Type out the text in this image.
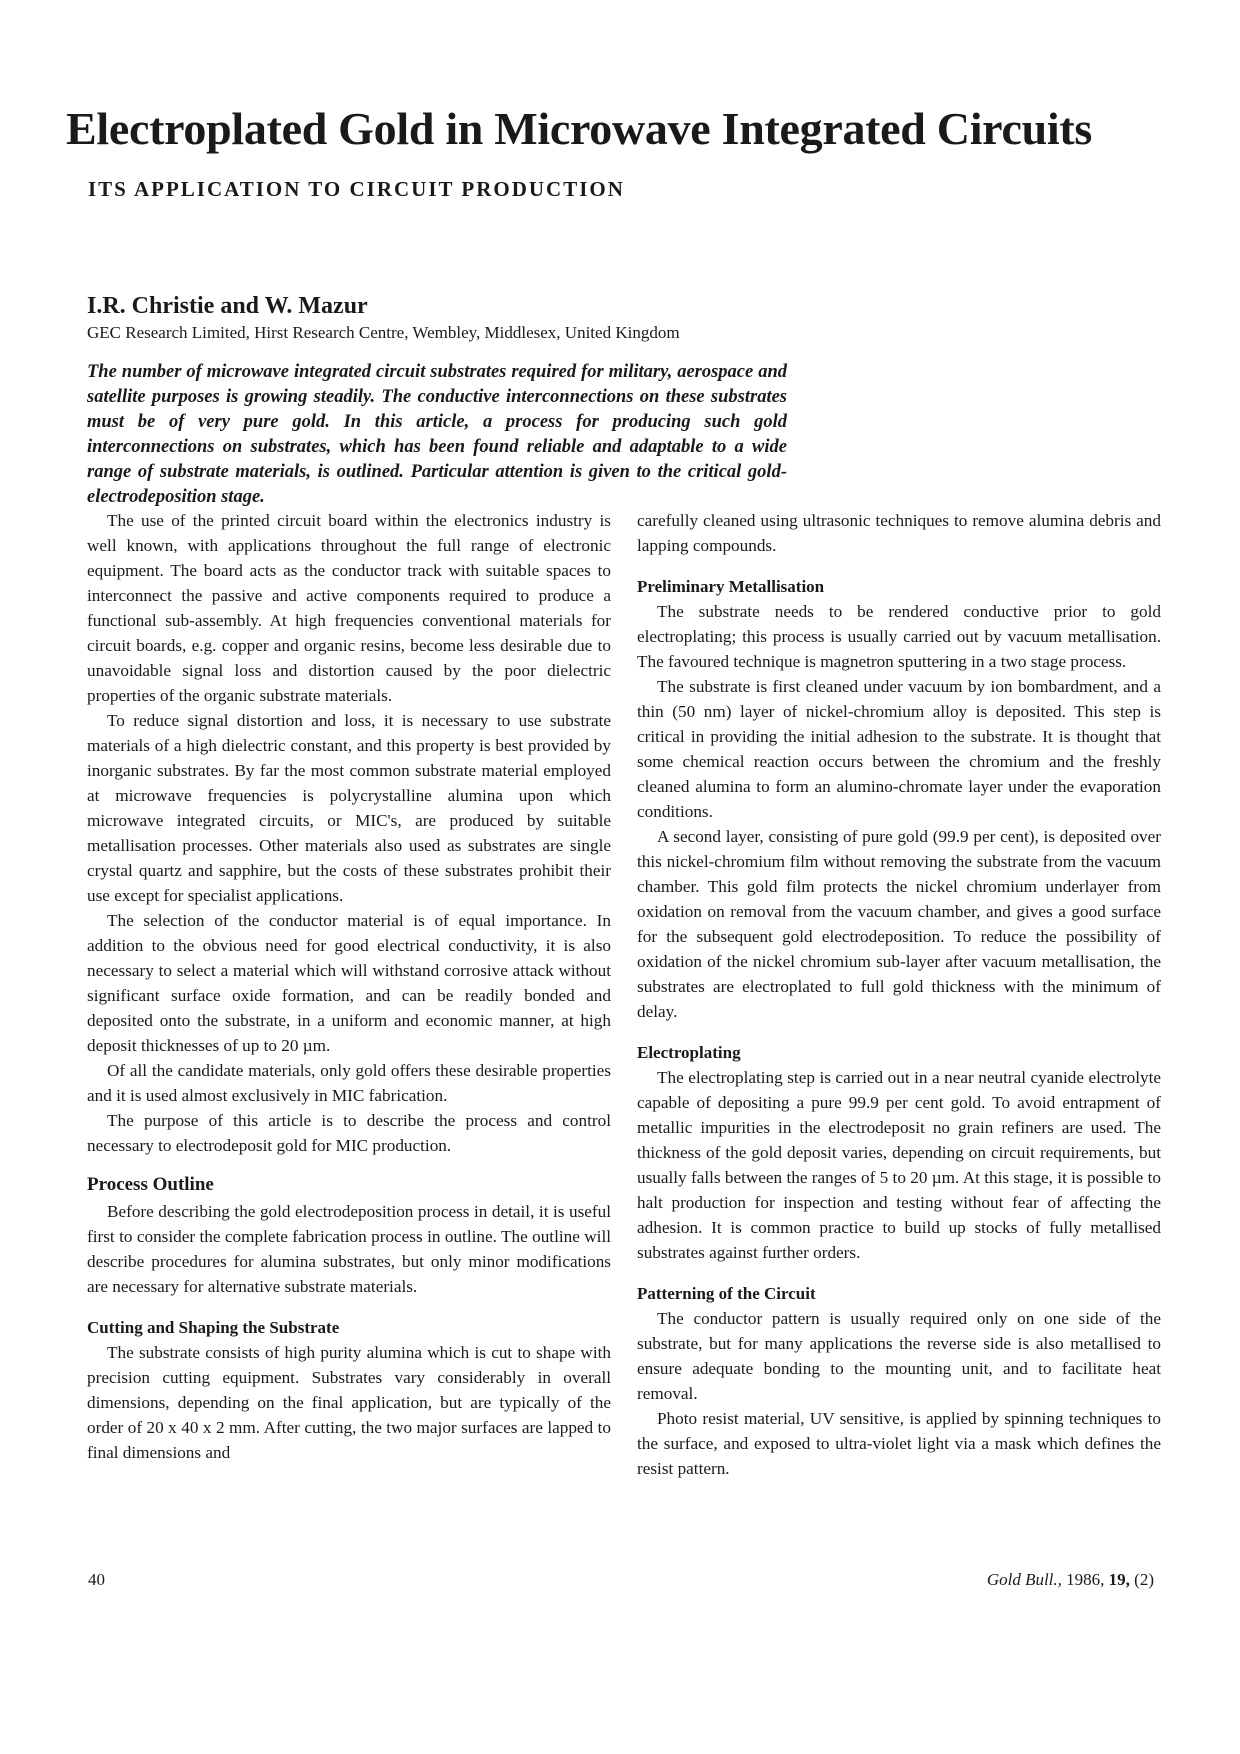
Electroplated Gold in Microwave Integrated Circuits
ITS APPLICATION TO CIRCUIT PRODUCTION
I.R. Christie and W. Mazur
GEC Research Limited, Hirst Research Centre, Wembley, Middlesex, United Kingdom

The number of microwave integrated circuit substrates required for military, aerospace and satellite purposes is growing steadily. The conductive interconnections on these substrates must be of very pure gold. In this article, a process for producing such gold interconnections on substrates, which has been found reliable and adaptable to a wide range of substrate materials, is outlined. Particular attention is given to the critical gold-electrodeposition stage.

The use of the printed circuit board within the electronics industry is well known, with applications throughout the full range of electronic equipment. The board acts as the conductor track with suitable spaces to interconnect the passive and active components required to produce a functional sub-assembly. At high frequencies conventional materials for circuit boards, e.g. copper and organic resins, become less desirable due to unavoidable signal loss and distortion caused by the poor dielectric properties of the organic substrate materials.

To reduce signal distortion and loss, it is necessary to use substrate materials of a high dielectric constant, and this property is best provided by inorganic substrates. By far the most common substrate material employed at microwave frequencies is polycrystalline alumina upon which microwave integrated circuits, or MIC's, are produced by suitable metallisation processes. Other materials also used as substrates are single crystal quartz and sapphire, but the costs of these substrates prohibit their use except for specialist applications.

The selection of the conductor material is of equal importance. In addition to the obvious need for good electrical conductivity, it is also necessary to select a material which will withstand corrosive attack without significant surface oxide formation, and can be readily bonded and deposited onto the substrate, in a uniform and economic manner, at high deposit thicknesses of up to 20 µm.

Of all the candidate materials, only gold offers these desirable properties and it is used almost exclusively in MIC fabrication.

The purpose of this article is to describe the process and control necessary to electrodeposit gold for MIC production.

Process Outline

Before describing the gold electrodeposition process in detail, it is useful first to consider the complete fabrication process in outline. The outline will describe procedures for alumina substrates, but only minor modifications are necessary for alternative substrate materials.

Cutting and Shaping the Substrate

The substrate consists of high purity alumina which is cut to shape with precision cutting equipment. Substrates vary considerably in overall dimensions, depending on the final application, but are typically of the order of 20 x 40 x 2 mm. After cutting, the two major surfaces are lapped to final dimensions and

carefully cleaned using ultrasonic techniques to remove alumina debris and lapping compounds.

Preliminary Metallisation

The substrate needs to be rendered conductive prior to gold electroplating; this process is usually carried out by vacuum metallisation. The favoured technique is magnetron sputtering in a two stage process.

The substrate is first cleaned under vacuum by ion bombardment, and a thin (50 nm) layer of nickel-chromium alloy is deposited. This step is critical in providing the initial adhesion to the substrate. It is thought that some chemical reaction occurs between the chromium and the freshly cleaned alumina to form an alumino-chromate layer under the evaporation conditions.

A second layer, consisting of pure gold (99.9 per cent), is deposited over this nickel-chromium film without removing the substrate from the vacuum chamber. This gold film protects the nickel chromium underlayer from oxidation on removal from the vacuum chamber, and gives a good surface for the subsequent gold electrodeposition. To reduce the possibility of oxidation of the nickel chromium sub-layer after vacuum metallisation, the substrates are electroplated to full gold thickness with the minimum of delay.

Electroplating

The electroplating step is carried out in a near neutral cyanide electrolyte capable of depositing a pure 99.9 per cent gold. To avoid entrapment of metallic impurities in the electrodeposit no grain refiners are used. The thickness of the gold deposit varies, depending on circuit requirements, but usually falls between the ranges of 5 to 20 µm. At this stage, it is possible to halt production for inspection and testing without fear of affecting the adhesion. It is common practice to build up stocks of fully metallised substrates against further orders.

Patterning of the Circuit

The conductor pattern is usually required only on one side of the substrate, but for many applications the reverse side is also metallised to ensure adequate bonding to the mounting unit, and to facilitate heat removal.

Photo resist material, UV sensitive, is applied by spinning techniques to the surface, and exposed to ultra-violet light via a mask which defines the resist pattern.

40	Gold Bull., 1986, 19, (2)
